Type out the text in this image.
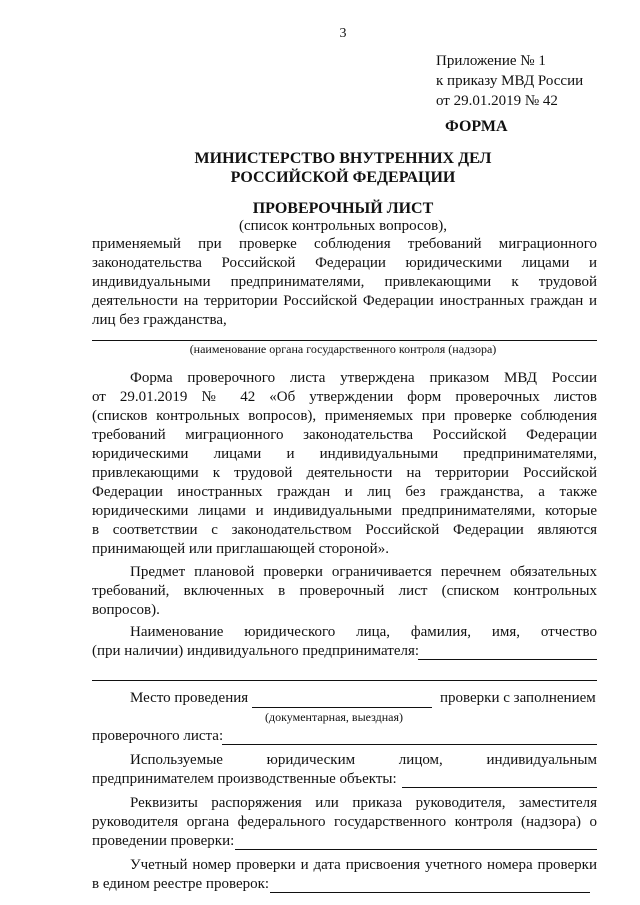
3
Приложение № 1
к приказу МВД России
от 29.01.2019 № 42
ФОРМА
МИНИСТЕРСТВО ВНУТРЕННИХ ДЕЛ
РОССИЙСКОЙ ФЕДЕРАЦИИ
ПРОВЕРОЧНЫЙ ЛИСТ
(список контрольных вопросов),
применяемый при проверке соблюдения требований миграционного
законодательства Российской Федерации юридическими лицами и
индивидуальными предпринимателями, привлекающими к трудовой
деятельности на территории Российской Федерации иностранных граждан и
лиц без гражданства,
(наименование органа государственного контроля (надзора)
Форма проверочного листа утверждена приказом МВД России
от 29.01.2019 № 42 «Об утверждении форм проверочных листов
(списков контрольных вопросов), применяемых при проверке соблюдения
требований миграционного законодательства Российской Федерации
юридическими лицами и индивидуальными предпринимателями,
привлекающими к трудовой деятельности на территории Российской
Федерации иностранных граждан и лиц без гражданства, а также
юридическими лицами и индивидуальными предпринимателями, которые
в соответствии с законодательством Российской Федерации являются
принимающей или приглашающей стороной».
Предмет плановой проверки ограничивается перечнем обязательных
требований, включенных в проверочный лист (списком контрольных
вопросов).
Наименование юридического лица, фамилия, имя, отчество
(при наличии) индивидуального предпринимателя:
Место проведения	проверки с заполнением
(документарная, выездная)
проверочного листа:
Используемые юридическим лицом, индивидуальным
предпринимателем производственные объекты:
Реквизиты распоряжения или приказа руководителя, заместителя
руководителя органа федерального государственного контроля (надзора) о
проведении проверки:
Учетный номер проверки и дата присвоения учетного номера проверки
в едином реестре проверок:
